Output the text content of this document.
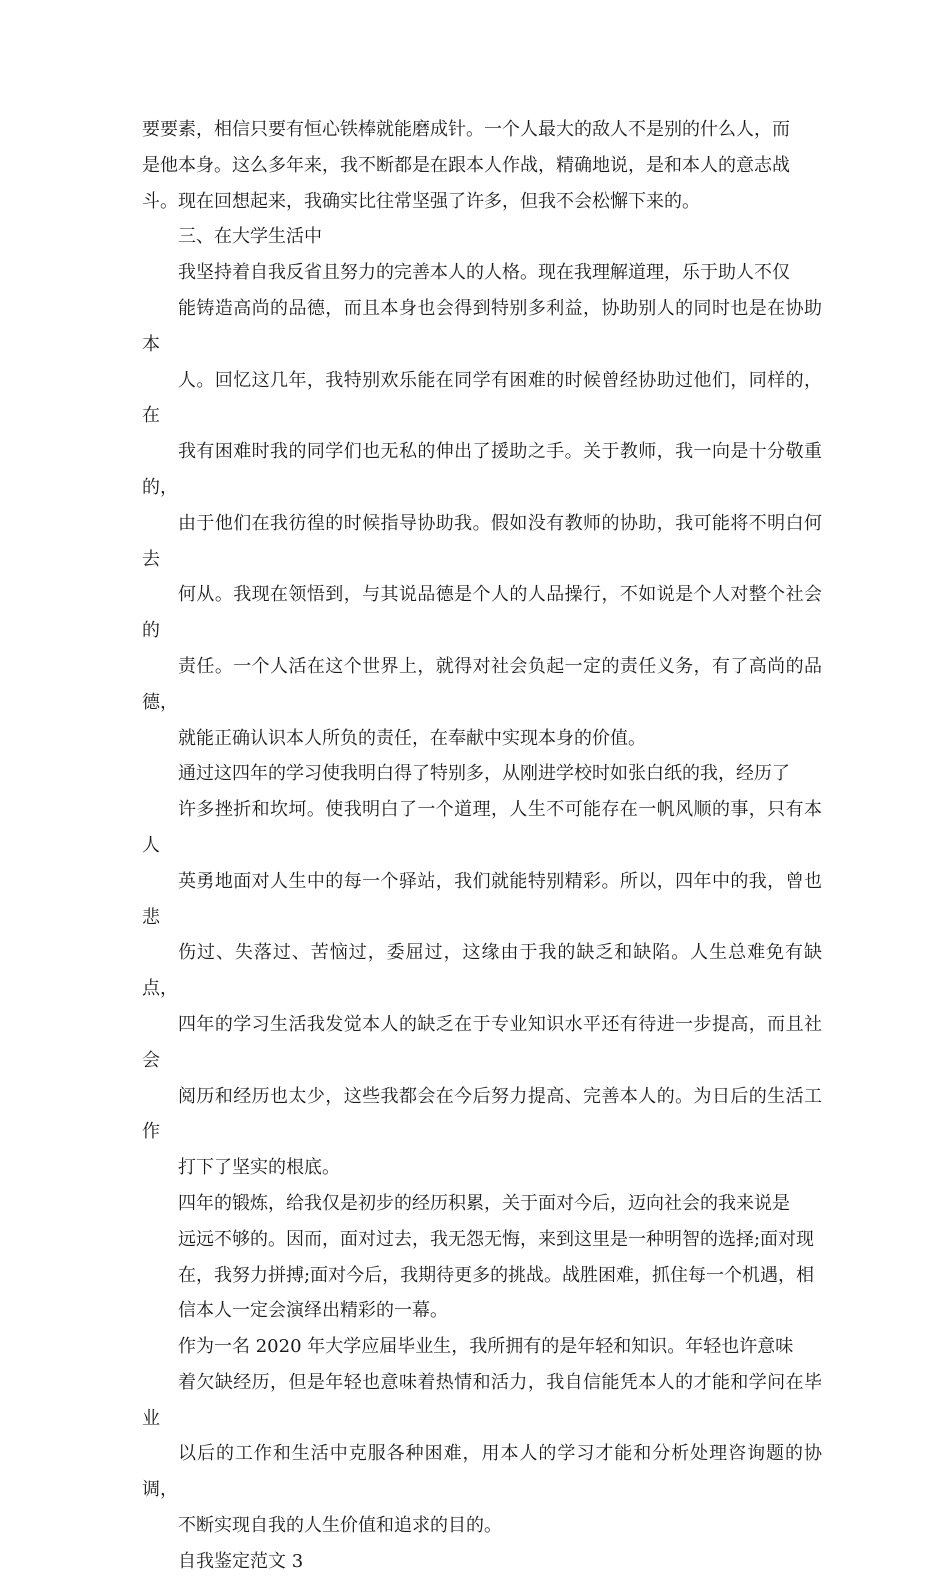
要要素，相信只要有恒心铁棒就能磨成针。一个人最大的敌人不是别的什么人，而
是他本身。这么多年来，我不断都是在跟本人作战，精确地说，是和本人的意志战
斗。现在回想起来，我确实比往常坚强了许多，但我不会松懈下来的。

三、在大学生活中

我坚持着自我反省且努力的完善本人的人格。现在我理解道理，乐于助人不仅
能铸造高尚的品德，而且本身也会得到特别多利益，协助别人的同时也是在协助本
人。回忆这几年，我特别欢乐能在同学有困难的时候曾经协助过他们，同样的，在
我有困难时我的同学们也无私的伸出了援助之手。关于教师，我一向是十分敬重的，
由于他们在我彷徨的时候指导协助我。假如没有教师的协助，我可能将不明白何去
何从。我现在领悟到，与其说品德是个人的人品操行，不如说是个人对整个社会的
责任。一个人活在这个世界上，就得对社会负起一定的责任义务，有了高尚的品德，
就能正确认识本人所负的责任，在奉献中实现本身的价值。

通过这四年的学习使我明白得了特别多，从刚进学校时如张白纸的我，经历了
许多挫折和坎坷。使我明白了一个道理，人生不可能存在一帆风顺的事，只有本人
英勇地面对人生中的每一个驿站，我们就能特别精彩。所以，四年中的我，曾也悲
伤过、失落过、苦恼过，委屈过，这缘由于我的缺乏和缺陷。人生总难免有缺点，
四年的学习生活我发觉本人的缺乏在于专业知识水平还有待进一步提高，而且社会
阅历和经历也太少，这些我都会在今后努力提高、完善本人的。为日后的生活工作
打下了坚实的根底。

四年的锻炼，给我仅是初步的经历积累，关于面对今后，迈向社会的我来说是
远远不够的。因而，面对过去，我无怨无悔，来到这里是一种明智的选择;面对现
在，我努力拼搏;面对今后，我期待更多的挑战。战胜困难，抓住每一个机遇，相
信本人一定会演绎出精彩的一幕。

作为一名 2020 年大学应届毕业生，我所拥有的是年轻和知识。年轻也许意味
着欠缺经历，但是年轻也意味着热情和活力，我自信能凭本人的才能和学问在毕业
以后的工作和生活中克服各种困难，用本人的学习才能和分析处理咨询题的协调，
不断实现自我的人生价值和追求的目的。

自我鉴定范文 3
